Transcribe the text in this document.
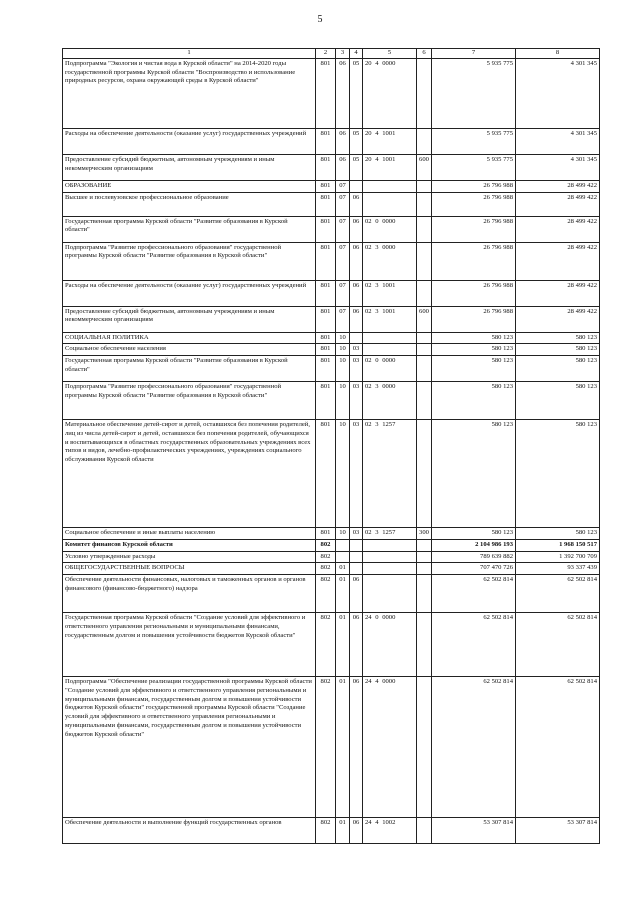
5
1	2	3	4	5	6	7	8
Подпрограмма "Экология и чистая вода в Курской области" на 2014-2020 годы государственной программы Курской области "Воспроизводство и использование природных ресурсов, охрана окружающей среды в Курской области"	801	06	05	20 4 0000		5 935 775	4 301 345
Расходы на обеспечение деятельности (оказание услуг) государственных учреждений	801	06	05	20 4 1001		5 935 775	4 301 345
Предоставление субсидий бюджетным, автономным учреждениям и иным некоммерческим организациям	801	06	05	20 4 1001	600	5 935 775	4 301 345
ОБРАЗОВАНИЕ	801	07				26 796 988	28 499 422
Высшее и послевузовское профессиональное образование	801	07	06			26 796 988	28 499 422
Государственная программа Курской области "Развитие образования в Курской области"	801	07	06	02 0 0000		26 796 988	28 499 422
Подпрограмма "Развитие профессионального образования" государственной программы Курской области "Развитие образования в Курской области"	801	07	06	02 3 0000		26 796 988	28 499 422
Расходы на обеспечение деятельности (оказание услуг) государственных учреждений	801	07	06	02 3 1001		26 796 988	28 499 422
Предоставление субсидий бюджетным, автономным учреждениям и иным некоммерческим организациям	801	07	06	02 3 1001	600	26 796 988	28 499 422
СОЦИАЛЬНАЯ ПОЛИТИКА	801	10				580 123	580 123
Социальное обеспечение населения	801	10	03			580 123	580 123
Государственная программа Курской области "Развитие образования в Курской области"	801	10	03	02 0 0000		580 123	580 123
Подпрограмма "Развитие профессионального образования" государственной программы Курской области "Развитие образования в Курской области"	801	10	03	02 3 0000		580 123	580 123
Материальное обеспечение детей-сирот и детей, оставшихся без попечения родителей, лиц из числа детей-сирот и детей, оставшихся без попечения родителей, обучающихся и воспитывающихся в областных государственных образовательных учреждениях всех типов и видов, лечебно-профилактических учреждениях, учреждениях социального обслуживания Курской области	801	10	03	02 3 1257		580 123	580 123
Социальное обеспечение и иные выплаты населению	801	10	03	02 3 1257	300	580 123	580 123
Комитет финансов Курской области	802					2 104 986 193	1 968 150 517
Условно утвержденные расходы	802					789 639 882	1 392 700 709
ОБЩЕГОСУДАРСТВЕННЫЕ ВОПРОСЫ	802	01				707 470 726	93 337 439
Обеспечение деятельности финансовых, налоговых и таможенных органов и органов финансового (финансово-бюджетного) надзора	802	01	06			62 502 814	62 502 814
Государственная программа Курской области "Создание условий для эффективного и ответственного управления региональными и муниципальными финансами, государственным долгом и повышения устойчивости бюджетов Курской области"	802	01	06	24 0 0000		62 502 814	62 502 814
Подпрограмма "Обеспечение реализации государственной программы Курской области "Создание условий для эффективного и ответственного управления региональными и муниципальными финансами, государственным долгом и повышения устойчивости бюджетов Курской области" государственной программы Курской области "Создание условий для эффективного и ответственного управления региональными и муниципальными финансами, государственным долгом и повышения устойчивости бюджетов Курской области"	802	01	06	24 4 0000		62 502 814	62 502 814
Обеспечение деятельности и выполнение функций государственных органов	802	01	06	24 4 1002		53 307 814	53 307 814
